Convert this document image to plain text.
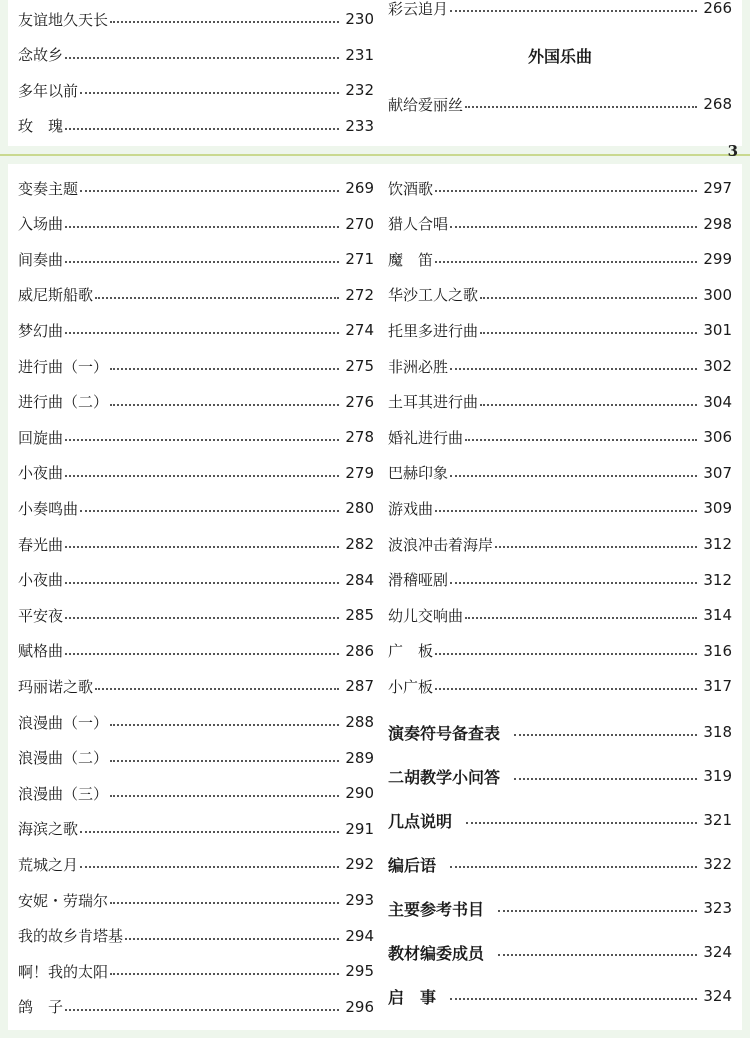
友谊地久天长	230
念故乡	231
多年以前	232
玫　瑰	233
彩云追月	266
外国乐曲
献给爱丽丝	268
3
变奏主题	269
入场曲	270
间奏曲	271
威尼斯船歌	272
梦幻曲	274
进行曲（一）	275
进行曲（二）	276
回旋曲	278
小夜曲	279
小奏鸣曲	280
春光曲	282
小夜曲	284
平安夜	285
赋格曲	286
玛丽诺之歌	287
浪漫曲（一）	288
浪漫曲（二）	289
浪漫曲（三）	290
海滨之歌	291
荒城之月	292
安妮・劳瑞尔	293
我的故乡肯塔基	294
啊！我的太阳	295
鸽　子	296
饮酒歌	297
猎人合唱	298
魔　笛	299
华沙工人之歌	300
托里多进行曲	301
非洲必胜	302
土耳其进行曲	304
婚礼进行曲	306
巴赫印象	307
游戏曲	309
波浪冲击着海岸	312
滑稽哑剧	312
幼儿交响曲	314
广　板	316
小广板	317
演奏符号备查表	318
二胡教学小问答	319
几点说明	321
编后语	322
主要参考书目	323
教材编委成员	324
启　事	324
